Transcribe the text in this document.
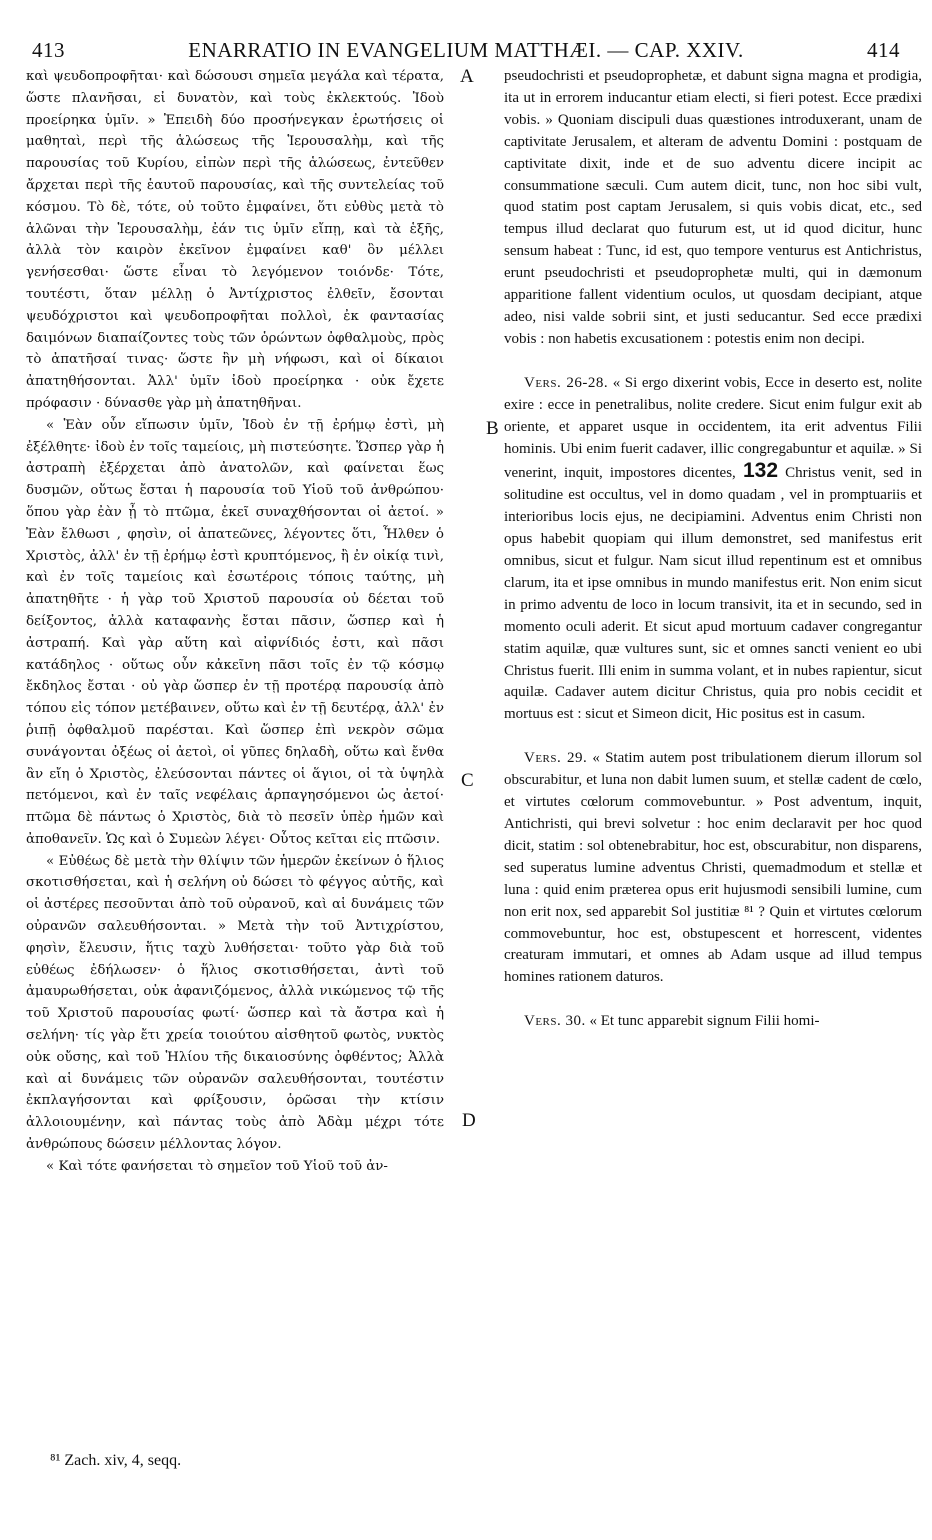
413	ENARRATIO IN EVANGELIUM MATTHÆI. — CAP. XXIV.	414

καὶ ψευδοπροφῆται· καὶ δώσουσι σημεῖα μεγάλα καὶ τέρατα, ὥστε πλανῆσαι, εἰ δυνατὸν, καὶ τοὺς ἐκλεκτούς. Ἰδοὺ προείρηκα ὑμῖν. » Ἐπειδὴ δύο προσήνεγκαν ἐρωτήσεις οἱ μαθηταὶ, περὶ τῆς ἁλώσεως τῆς Ἱερουσαλὴμ, καὶ τῆς παρουσίας τοῦ Κυρίου, εἰπὼν περὶ τῆς ἁλώσεως, ἐντεῦθεν ἄρχεται περὶ τῆς ἑαυτοῦ παρουσίας, καὶ τῆς συντελείας τοῦ κόσμου. Τὸ δὲ, τότε, οὐ τοῦτο ἐμφαίνει, ὅτι εὐθὺς μετὰ τὸ ἁλῶναι τὴν Ἱερουσαλὴμ, ἐάν τις ὑμῖν εἴπῃ, καὶ τὰ ἑξῆς, ἀλλὰ τὸν καιρὸν ἐκεῖνον ἐμφαίνει καθ' ὃν μέλλει γενήσεσθαι· ὥστε εἶναι τὸ λεγόμενον τοιόνδε· Τότε, τουτέστι, ὅταν μέλλῃ ὁ Ἀντίχριστος ἐλθεῖν, ἔσονται ψευδόχριστοι καὶ ψευδοπροφῆται πολλοὶ, ἐκ φαντασίας δαιμόνων διαπαίζοντες τοὺς τῶν ὁρώντων ὀφθαλμοὺς, πρὸς τὸ ἀπατῆσαί τινας· ὥστε ἣν μὴ νήφωσι, καὶ οἱ δίκαιοι ἀπατηθήσονται. Ἀλλ' ὑμῖν ἰδοὺ προείρηκα · οὐκ ἔχετε πρόφασιν · δύνασθε γὰρ μὴ ἀπατηθῆναι.

« Ἐὰν οὖν εἴπωσιν ὑμῖν, Ἰδοὺ ἐν τῇ ἐρήμῳ ἐστὶ, μὴ ἐξέλθητε· ἰδοὺ ἐν τοῖς ταμείοις, μὴ πιστεύσητε. Ὥσπερ γὰρ ἡ ἀστραπὴ ἐξέρχεται ἀπὸ ἀνατολῶν, καὶ φαίνεται ἕως δυσμῶν, οὕτως ἔσται ἡ παρουσία τοῦ Υἱοῦ τοῦ ἀνθρώπου· ὅπου γὰρ ἐὰν ᾖ τὸ πτῶμα, ἐκεῖ συναχθήσονται οἱ ἀετοί. » Ἐὰν ἔλθωσι , φησὶν, οἱ ἀπατεῶνες, λέγοντες ὅτι, Ἦλθεν ὁ Χριστὸς, ἀλλ' ἐν τῇ ἐρήμῳ ἐστὶ κρυπτόμενος, ἢ ἐν οἰκίᾳ τινὶ, καὶ ἐν τοῖς ταμείοις καὶ ἐσωτέροις τόποις ταύτης, μὴ ἀπατηθῆτε · ἡ γὰρ τοῦ Χριστοῦ παρουσία οὐ δέεται τοῦ δείξοντος, ἀλλὰ καταφανὴς ἔσται πᾶσιν, ὥσπερ καὶ ἡ ἀστραπή. Καὶ γὰρ αὕτη καὶ αἰφνίδιός ἐστι, καὶ πᾶσι κατάδηλος · οὕτως οὖν κἀκεῖνη πᾶσι τοῖς ἐν τῷ κόσμῳ ἔκδηλος ἔσται · οὐ γὰρ ὥσπερ ἐν τῇ προτέρᾳ παρουσίᾳ ἀπὸ τόπου εἰς τόπον μετέβαινεν, οὕτω καὶ ἐν τῇ δευτέρᾳ, ἀλλ' ἐν ῥιπῇ ὀφθαλμοῦ παρέσται. Καὶ ὥσπερ ἐπὶ νεκρὸν σῶμα συνάγονται ὀξέως οἱ ἀετοὶ, οἱ γῦπες δηλαδὴ, οὕτω καὶ ἔνθα ἂν εἴη ὁ Χριστὸς, ἐλεύσονται πάντες οἱ ἅγιοι, οἱ τὰ ὑψηλὰ πετόμενοι, καὶ ἐν ταῖς νεφέλαις ἁρπαγησόμενοι ὡς ἀετοί· πτῶμα δὲ πάντως ὁ Χριστὸς, διὰ τὸ πεσεῖν ὑπὲρ ἡμῶν καὶ ἀποθανεῖν. Ὡς καὶ ὁ Συμεὼν λέγει· Οὗτος κεῖται εἰς πτῶσιν.

« Εὐθέως δὲ μετὰ τὴν θλίψιν τῶν ἡμερῶν ἐκείνων ὁ ἥλιος σκοτισθήσεται, καὶ ἡ σελήνη οὐ δώσει τὸ φέγγος αὐτῆς, καὶ οἱ ἀστέρες πεσοῦνται ἀπὸ τοῦ οὐρανοῦ, καὶ αἱ δυνάμεις τῶν οὐρανῶν σαλευθήσονται. » Μετὰ τὴν τοῦ Ἀντιχρίστου, φησὶν, ἔλευσιν, ἥτις ταχὺ λυθήσεται· τοῦτο γὰρ διὰ τοῦ εὐθέως ἐδήλωσεν· ὁ ἥλιος σκοτισθήσεται, ἀντὶ τοῦ ἀμαυρωθήσεται, οὐκ ἀφανιζόμενος, ἀλλὰ νικώμενος τῷ τῆς τοῦ Χριστοῦ παρουσίας φωτί· ὥσπερ καὶ τὰ ἄστρα καὶ ἡ σελήνη· τίς γὰρ ἔτι χρεία τοιούτου αἰσθητοῦ φωτὸς, νυκτὸς οὐκ οὔσης, καὶ τοῦ Ἡλίου τῆς δικαιοσύνης ὀφθέντος; Ἀλλὰ καὶ αἱ δυνάμεις τῶν οὐρανῶν σαλευθήσονται, τουτέστιν ἐκπλαγήσονται καὶ φρίξουσιν, ὁρῶσαι τὴν κτίσιν ἀλλοιουμένην, καὶ πάντας τοὺς ἀπὸ Ἀδὰμ μέχρι τότε ἀνθρώπους δώσειν μέλλοντας λόγον.

« Καὶ τότε φανήσεται τὸ σημεῖον τοῦ Υἱοῦ τοῦ ἀν-

A
B
C
D

pseudochristi et pseudoprophetæ, et dabunt signa magna et prodigia, ita ut in errorem inducantur etiam electi, si fieri potest. Ecce prædixi vobis. » Quoniam discipuli duas quæstiones introduxerant, unam de captivitate Jerusalem, et alteram de adventu Domini : postquam de captivitate dixit, inde et de suo adventu dicere incipit ac consummatione sæculi. Cum autem dicit, tunc, non hoc sibi vult, quod statim post captam Jerusalem, si quis vobis dicat, etc., sed tempus illud declarat quo futurum est, ut id quod dicitur, hunc sensum habeat : Tunc, id est, quo tempore venturus est Antichristus, erunt pseudochristi et pseudoprophetæ multi, qui in dæmonum apparitione fallent videntium oculos, ut quosdam decipiant, atque adeo, nisi valde sobrii sint, et justi seducantur. Sed ecce prædixi vobis : non habetis excusationem : potestis enim non decipi.

Vers. 26-28. « Si ergo dixerint vobis, Ecce in deserto est, nolite exire : ecce in penetralibus, nolite credere. Sicut enim fulgur exit ab oriente, et apparet usque in occidentem, ita erit adventus Filii hominis. Ubi enim fuerit cadaver, illic congregabuntur et aquilæ. » Si venerint, inquit, impostores dicentes, 132 Christus venit, sed in solitudine est occultus, vel in domo quadam , vel in promptuariis et interioribus locis ejus, ne decipiamini. Adventus enim Christi non opus habebit quopiam qui illum demonstret, sed manifestus erit omnibus, sicut et fulgur. Nam sicut illud repentinum est et omnibus clarum, ita et ipse omnibus in mundo manifestus erit. Non enim sicut in primo adventu de loco in locum transivit, ita et in secundo, sed in momento oculi aderit. Et sicut apud mortuum cadaver congregantur statim aquilæ, quæ vultures sunt, sic et omnes sancti venient eo ubi Christus fuerit. Illi enim in summa volant, et in nubes rapientur, sicut aquilæ. Cadaver autem dicitur Christus, quia pro nobis cecidit et mortuus est : sicut et Simeon dicit, Hic positus est in casum.

Vers. 29. « Statim autem post tribulationem dierum illorum sol obscurabitur, et luna non dabit lumen suum, et stellæ cadent de cœlo, et virtutes cœlorum commovebuntur. » Post adventum, inquit, Antichristi, qui brevi solvetur : hoc enim declaravit per hoc quod dicit, statim : sol obtenebrabitur, hoc est, obscurabitur, non disparens, sed superatus lumine adventus Christi, quemadmodum et stellæ et luna : quid enim præterea opus erit hujusmodi sensibili lumine, cum non erit nox, sed apparebit Sol justitiæ ⁸¹ ? Quin et virtutes cœlorum commovebuntur, hoc est, obstupescent et horrescent, videntes creaturam immutari, et omnes ab Adam usque ad illud tempus homines rationem daturos.

Vers. 30. « Et tunc apparebit signum Filii homi-

⁸¹ Zach. xiv, 4, seqq.
